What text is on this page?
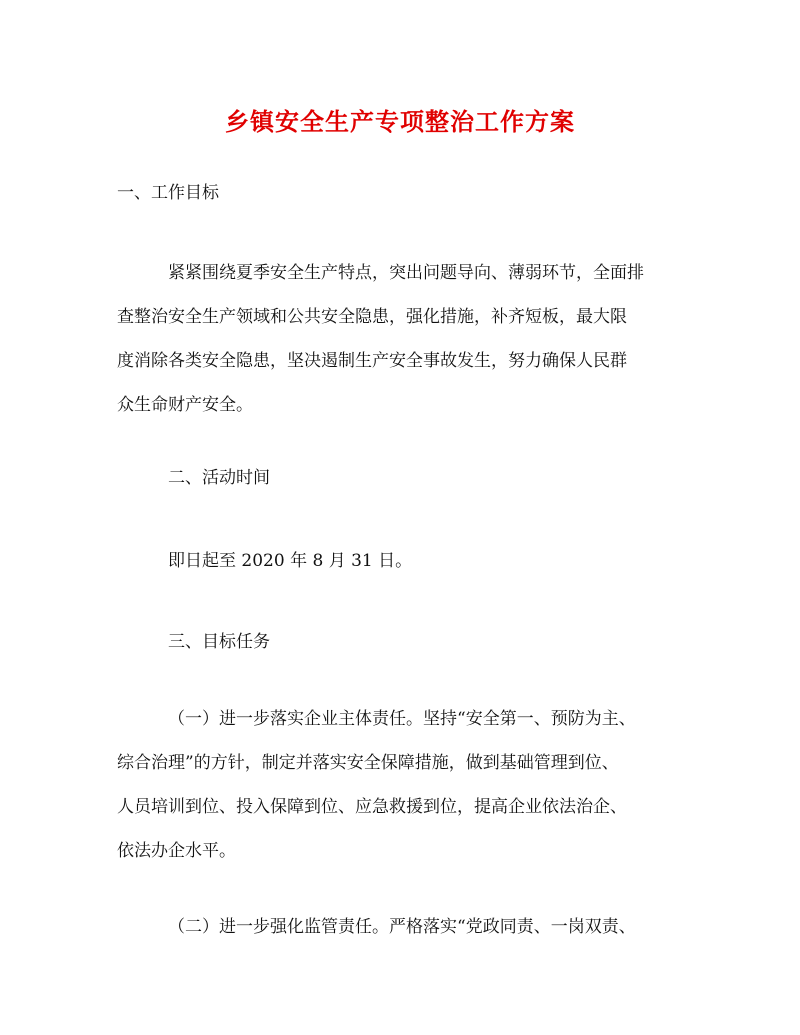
乡镇安全生产专项整治工作方案
一、工作目标
紧紧围绕夏季安全生产特点，突出问题导向、薄弱环节，全面排
查整治安全生产领域和公共安全隐患，强化措施，补齐短板，最大限
度消除各类安全隐患，坚决遏制生产安全事故发生，努力确保人民群
众生命财产安全。
二、活动时间
即日起至 2020 年 8 月 31 日。
三、目标任务
（一）进一步落实企业主体责任。坚持“安全第一、预防为主、
综合治理”的方针，制定并落实安全保障措施，做到基础管理到位、
人员培训到位、投入保障到位、应急救援到位，提高企业依法治企、
依法办企水平。
（二）进一步强化监管责任。严格落实“党政同责、一岗双责、
